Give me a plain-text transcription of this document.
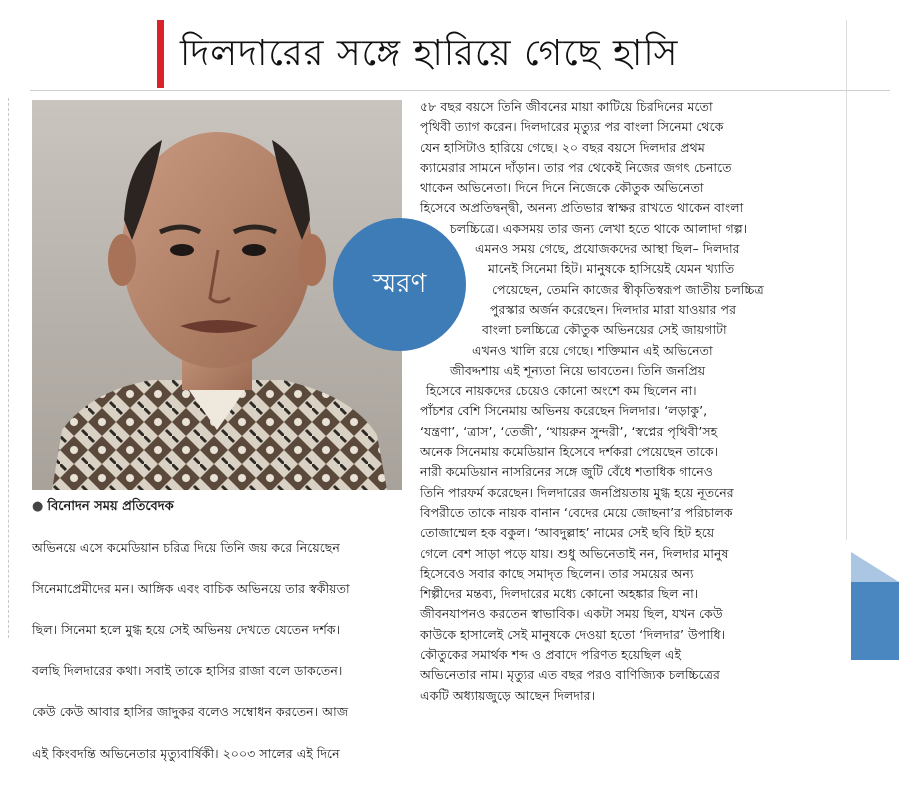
দিলদারের সঙ্গে হারিয়ে গেছে হাসি
স্মরণ
● বিনোদন সময় প্রতিবেদক

অভিনয়ে এসে কমেডিয়ান চরিত্র দিয়ে তিনি জয় করে নিয়েছেন

সিনেমাপ্রেমীদের মন। আঙ্গিক এবং বাচিক অভিনয়ে তার স্বকীয়তা

ছিল। সিনেমা হলে মুগ্ধ হয়ে সেই অভিনয় দেখতে যেতেন দর্শক।

বলছি দিলদারের কথা। সবাই তাকে হাসির রাজা বলে ডাকতেন।

কেউ কেউ আবার হাসির জাদুকর বলেও সম্বোধন করতেন। আজ

এই কিংবদন্তি অভিনেতার মৃত্যুবার্ষিকী। ২০০৩ সালের এই দিনে

৫৮ বছর বয়সে তিনি জীবনের মায়া কাটিয়ে চিরদিনের মতো
পৃথিবী ত্যাগ করেন। দিলদারের মৃত্যুর পর বাংলা সিনেমা থেকে
যেন হাসিটাও হারিয়ে গেছে। ২০ বছর বয়সে দিলদার প্রথম
ক্যামেরার সামনে দাঁড়ান। তার পর থেকেই নিজের জগৎ চেনাতে
থাকেন অভিনেতা। দিনে দিনে নিজেকে কৌতুক অভিনেতা
হিসেবে অপ্রতিদ্বন্দ্বী, অনন্য প্রতিভার স্বাক্ষর রাখতে থাকেন বাংলা
চলচ্চিত্রে। একসময় তার জন্য লেখা হতে থাকে আলাদা গল্প।
এমনও সময় গেছে, প্রযোজকদের আস্থা ছিল– দিলদার
মানেই সিনেমা হিট। মানুষকে হাসিয়েই যেমন খ্যাতি
পেয়েছেন, তেমনি কাজের স্বীকৃতিস্বরূপ জাতীয় চলচ্চিত্র
পুরস্কার অর্জন করেছেন। দিলদার মারা যাওয়ার পর
বাংলা চলচ্চিত্রে কৌতুক অভিনয়ের সেই জায়গাটা
এখনও খালি রয়ে গেছে। শক্তিমান এই অভিনেতা
জীবদ্দশায় এই শূন্যতা নিয়ে ভাবতেন। তিনি জনপ্রিয়
হিসেবে নায়কদের চেয়েও কোনো অংশে কম ছিলেন না।
পাঁচশর বেশি সিনেমায় অভিনয় করেছেন দিলদার। ‘লড়াকু’,
‘যন্ত্রণা’, ‘ত্রাস’, ‘তেজী’, ‘খায়রুন সুন্দরী’, ‘স্বপ্নের পৃথিবী’সহ
অনেক সিনেমায় কমেডিয়ান হিসেবে দর্শকরা পেয়েছেন তাকে।
নারী কমেডিয়ান নাসরিনের সঙ্গে জুটি বেঁধে শতাধিক গানেও
তিনি পারফর্ম করেছেন। দিলদারের জনপ্রিয়তায় মুগ্ধ হয়ে নূতনের
বিপরীতে তাকে নায়ক বানান ‘বেদের মেয়ে জোছনা’র পরিচালক
তোজাম্মেল হক বকুল। ‘আবদুল্লাহ’ নামের সেই ছবি হিট হয়ে
গেলে বেশ সাড়া পড়ে যায়। শুধু অভিনেতাই নন, দিলদার মানুষ
হিসেবেও সবার কাছে সমাদৃত ছিলেন। তার সময়ের অন্য
শিল্পীদের মন্তব্য, দিলদারের মধ্যে কোনো অহঙ্কার ছিল না।
জীবনযাপনও করতেন স্বাভাবিক। একটা সময় ছিল, যখন কেউ
কাউকে হাসালেই সেই মানুষকে দেওয়া হতো ‘দিলদার’ উপাধি।
কৌতুকের সমার্থক শব্দ ও প্রবাদে পরিণত হয়েছিল এই
অভিনেতার নাম। মৃত্যুর এত বছর পরও বাণিজ্যিক চলচ্চিত্রের
একটি অধ্যায়জুড়ে আছেন দিলদার।
